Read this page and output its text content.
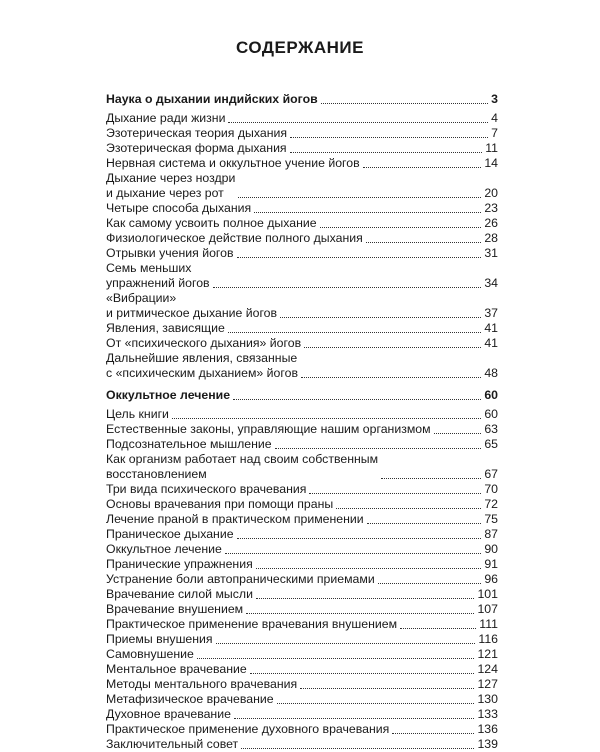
СОДЕРЖАНИЕ
Наука о дыхании индийских йогов	3
Дыхание ради жизни	4
Эзотерическая теория дыхания	7
Эзотерическая форма дыхания	11
Нервная система и оккультное учение йогов	14
Дыхание через ноздри
и дыхание через рот	20
Четыре способа дыхания	23
Как самому усвоить полное дыхание	26
Физиологическое действие полного дыхания	28
Отрывки учения йогов	31
Семь меньших
упражнений йогов	34
«Вибрации»
и ритмическое дыхание йогов	37
Явления, зависящие	41
От «психического дыхания» йогов	41
Дальнейшие явления, связанные
с «психическим дыханием» йогов	48
Оккультное лечение	60
Цель книги	60
Естественные законы, управляющие нашим организмом	63
Подсознательное мышление	65
Как организм работает над своим собственным
восстановлением	67
Три вида психического врачевания	70
Основы врачевания при помощи праны	72
Лечение праной в практическом применении	75
Праническое дыхание	87
Оккультное лечение	90
Пранические упражнения	91
Устранение боли автопраническими приемами	96
Врачевание силой мысли	101
Врачевание внушением	107
Практическое применение врачевания внушением	111
Приемы внушения	116
Самовнушение	121
Ментальное врачевание	124
Методы ментального врачевания	127
Метафизическое врачевание	130
Духовное врачевание	133
Практическое применение духовного врачевания	136
Заключительный совет	139
